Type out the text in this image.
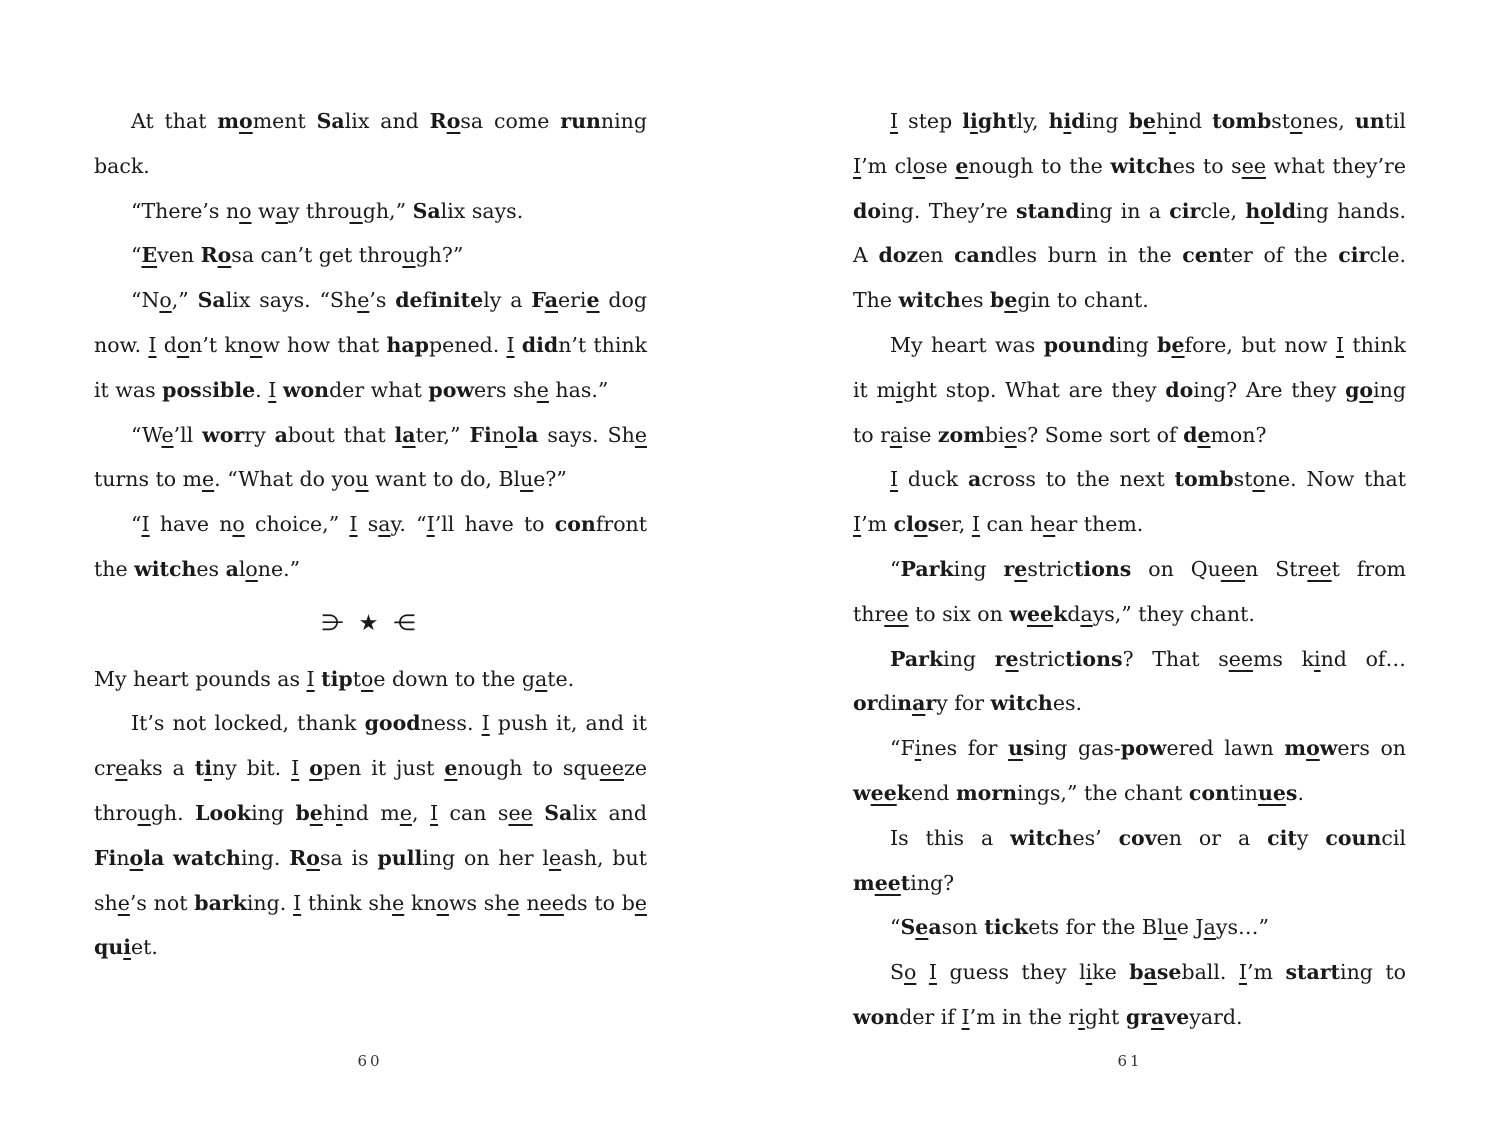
At that moment Salix and Rosa come running back.

“There’s no way through,” Salix says.

“Even Rosa can’t get through?”

“No,” Salix says. “She’s definitely a Faerie dog now. I don’t know how that happened. I didn’t think it was possible. I wonder what powers she has.”

“We’ll worry about that later,” Finola says. She turns to me. “What do you want to do, Blue?”

“I have no choice,” I say. “I’ll have to confront the witches alone.”

⋺ ★ ⋲

My heart pounds as I tiptoe down to the gate.

It’s not locked, thank goodness. I push it, and it creaks a tiny bit. I open it just enough to squeeze through. Looking behind me, I can see Salix and Finola watching. Rosa is pulling on her leash, but she’s not barking. I think she knows she needs to be quiet.

I step lightly, hiding behind tombstones, until I’m close enough to the witches to see what they’re doing. They’re standing in a circle, holding hands. A dozen candles burn in the center of the circle. The witches begin to chant.

My heart was pounding before, but now I think it might stop. What are they doing? Are they going to raise zombies? Some sort of demon?

I duck across to the next tombstone. Now that I’m closer, I can hear them.

“Parking restrictions on Queen Street from three to six on weekdays,” they chant.

Parking restrictions? That seems kind of… ordinary for witches.

“Fines for using gas-powered lawn mowers on weekend mornings,” the chant continues.

Is this a witches’ coven or a city council meeting?

“Season tickets for the Blue Jays…”

So I guess they like baseball. I’m starting to wonder if I’m in the right graveyard.

60	61
